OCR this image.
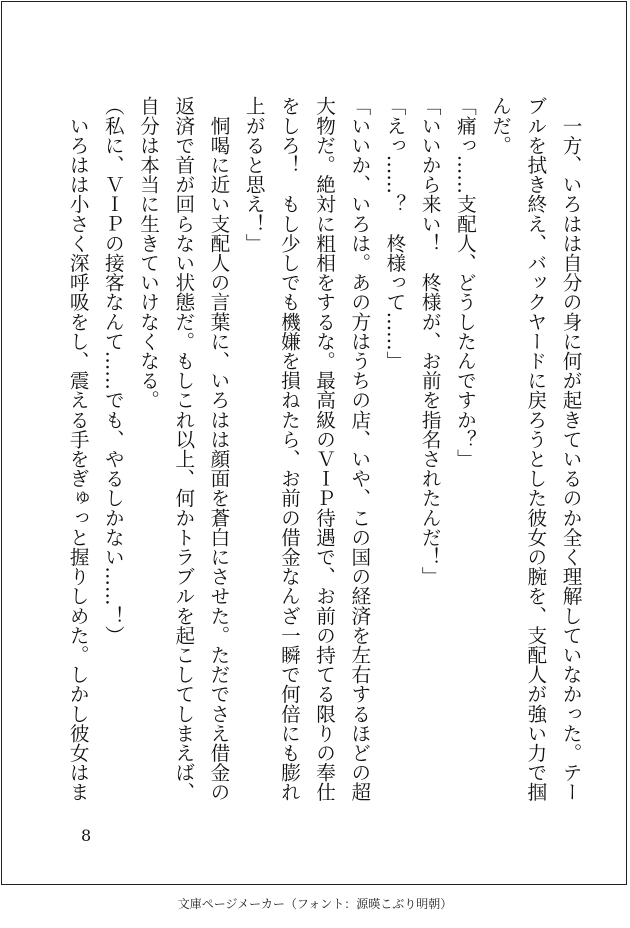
　一方、いろはは自分の身に何が起きているのか全く理解していなかった。テー

ブルを拭き終え、バックヤードに戻ろうとした彼女の腕を、支配人が強い力で掴

んだ。

「痛っ……支配人、どうしたんですか？」

「いいから来い！　柊様が、お前を指名されたんだ！」

「えっ……？　柊様って……」

「いいか、いろは。あの方はうちの店、いや、この国の経済を左右するほどの超

大物だ。絶対に粗相をするな。最高級のＶＩＰ待遇で、お前の持てる限りの奉仕

をしろ！　もし少しでも機嫌を損ねたら、お前の借金なんざ一瞬で何倍にも膨れ

上がると思え！」

　恫喝に近い支配人の言葉に、いろはは顔面を蒼白にさせた。ただでさえ借金の

返済で首が回らない状態だ。もしこれ以上、何かトラブルを起こしてしまえば、

自分は本当に生きていけなくなる。

（私に、ＶＩＰの接客なんて……でも、やるしかない……！）

　いろはは小さく深呼吸をし、震える手をぎゅっと握りしめた。しかし彼女はま

8
文庫ページメーカー（フォント：源暎こぶり明朝）
